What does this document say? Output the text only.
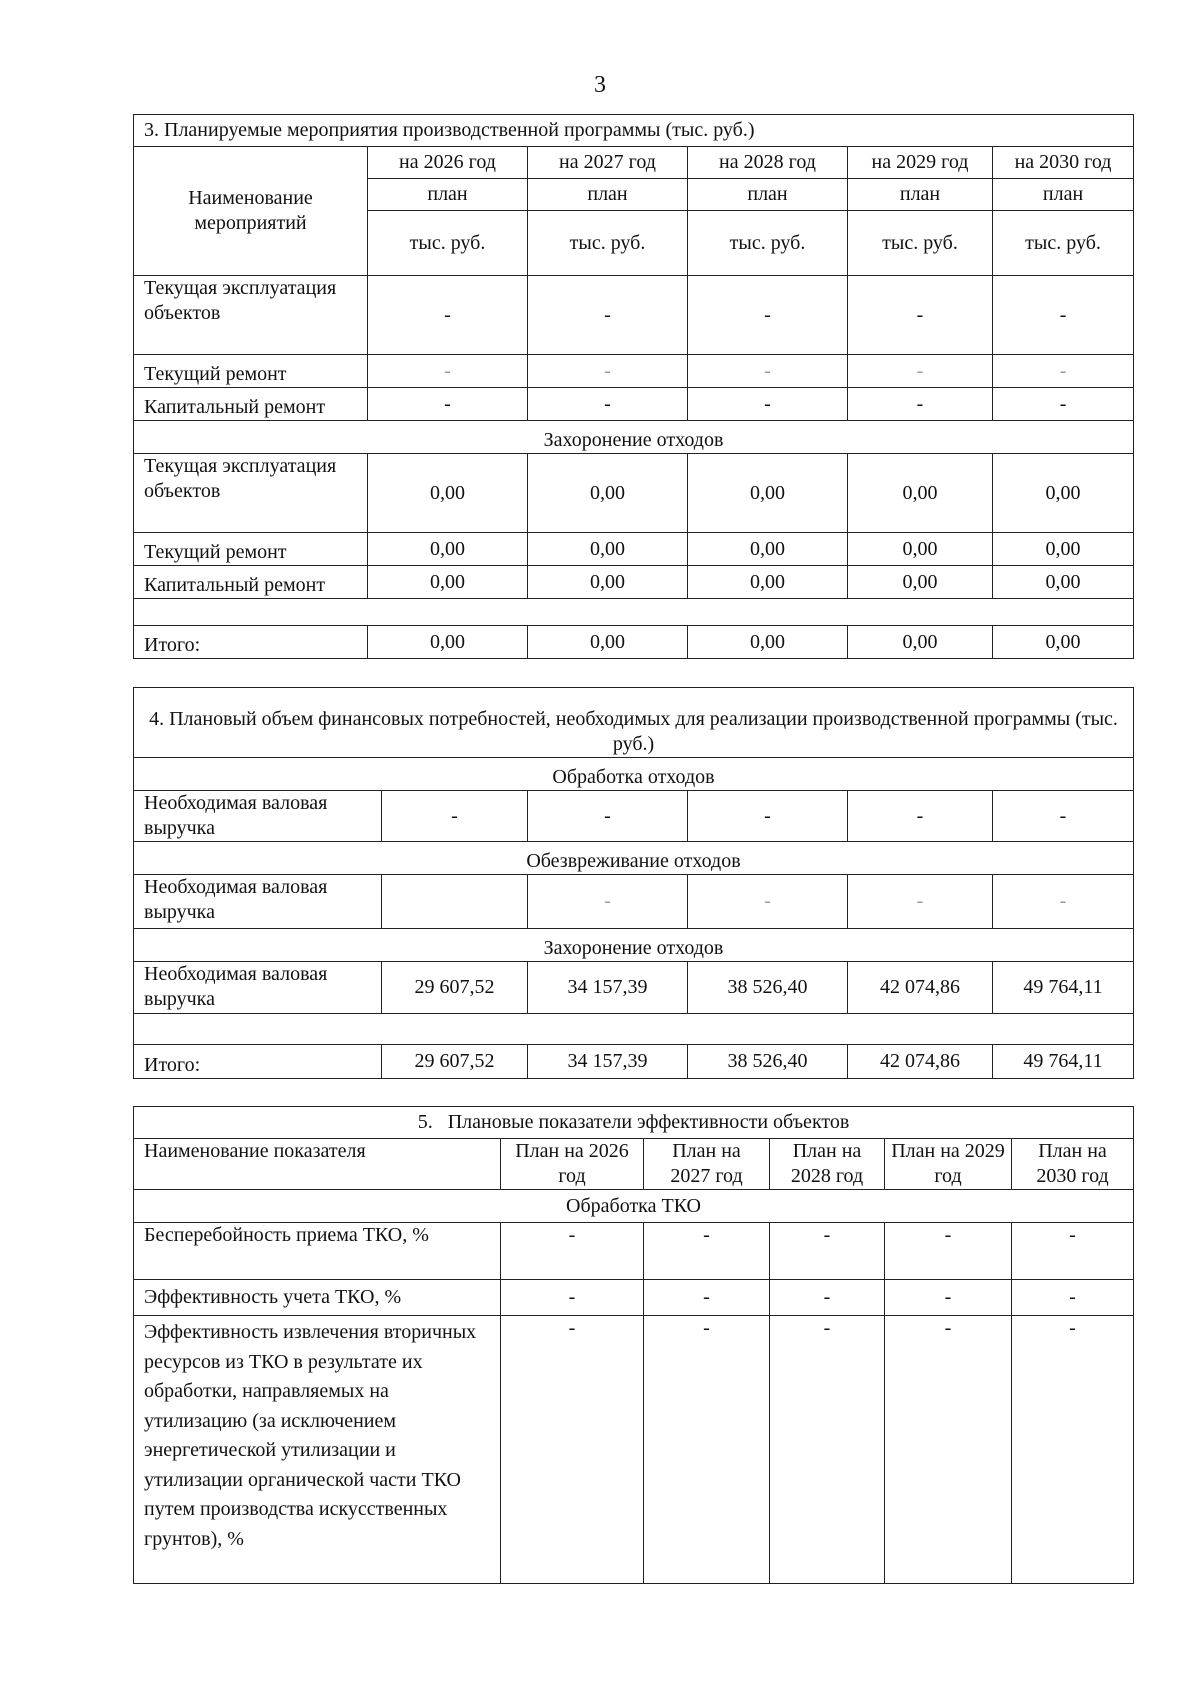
3
3. Планируемые мероприятия производственной программы (тыс. руб.)					
Наименование мероприятий	на 2026 год	на 2027 год	на 2028 год	на 2029 год	на 2030 год
	план	план	план	план	план
	тыс. руб.	тыс. руб.	тыс. руб.	тыс. руб.	тыс. руб.
Текущая эксплуатация объектов	-	-	-	-	-
Текущий ремонт	-	-	-	-	-
Капитальный ремонт	-	-	-	-	-
Захоронение отходов					
Текущая эксплуатация объектов	0,00	0,00	0,00	0,00	0,00
Текущий ремонт	0,00	0,00	0,00	0,00	0,00
Капитальный ремонт	0,00	0,00	0,00	0,00	0,00

Итого:	0,00	0,00	0,00	0,00	0,00
4. Плановый объем финансовых потребностей, необходимых для реализации производственной программы (тыс. руб.)					
Обработка отходов					
Необходимая валовая выручка	-	-	-	-	-
Обезвреживание отходов					
Необходимая валовая выручка		-	-	-	-
Захоронение отходов					
Необходимая валовая выручка	29 607,52	34 157,39	38 526,40	42 074,86	49 764,11

Итого:	29 607,52	34 157,39	38 526,40	42 074,86	49 764,11
5.   Плановые показатели эффективности объектов					
Наименование показателя	План на 2026 год	План на 2027 год	План на 2028 год	План на 2029 год	План на 2030 год
Обработка ТКО					
Бесперебойность приема ТКО, %	-	-	-	-	-
Эффективность учета ТКО, %	-	-	-	-	-
Эффективность извлечения вторичных ресурсов из ТКО в результате их обработки, направляемых на утилизацию (за исключением энергетической утилизации и утилизации органической части ТКО путем производства искусственных грунтов), %	-	-	-	-	-
